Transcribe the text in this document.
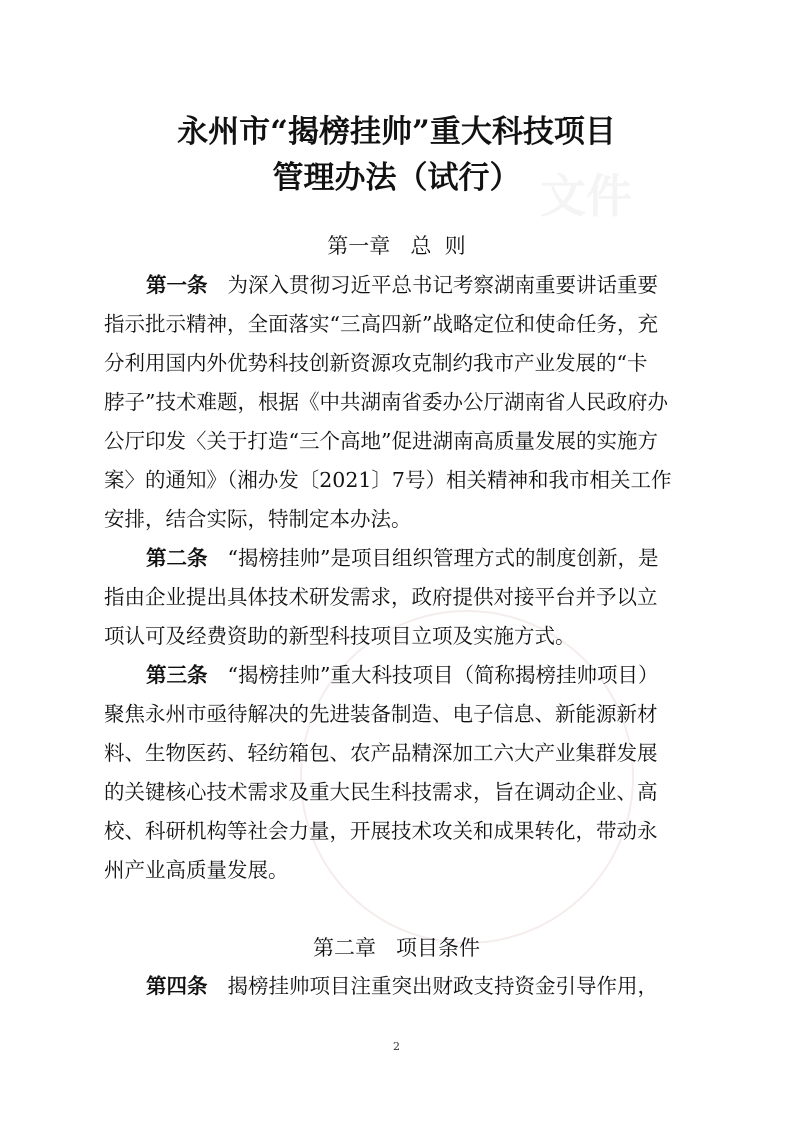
文件
永州市“揭榜挂帅”重大科技项目
管理办法（试行）
第一章 总  则
第一条 为深入贯彻习近平总书记考察湖南重要讲话重要
指示批示精神，全面落实“三高四新”战略定位和使命任务，充
分利用国内外优势科技创新资源攻克制约我市产业发展的“卡
脖子”技术难题，根据《中共湖南省委办公厅湖南省人民政府办
公厅印发〈关于打造“三个高地”促进湖南高质量发展的实施方
案〉的通知》（湘办发〔2021〕7号）相关精神和我市相关工作
安排，结合实际，特制定本办法。
第二条 “揭榜挂帅”是项目组织管理方式的制度创新，是
指由企业提出具体技术研发需求，政府提供对接平台并予以立
项认可及经费资助的新型科技项目立项及实施方式。
第三条 “揭榜挂帅”重大科技项目（简称揭榜挂帅项目）
聚焦永州市亟待解决的先进装备制造、电子信息、新能源新材
料、生物医药、轻纺箱包、农产品精深加工六大产业集群发展
的关键核心技术需求及重大民生科技需求，旨在调动企业、高
校、科研机构等社会力量，开展技术攻关和成果转化，带动永
州产业高质量发展。
第二章 项目条件
第四条 揭榜挂帅项目注重突出财政支持资金引导作用，
2
